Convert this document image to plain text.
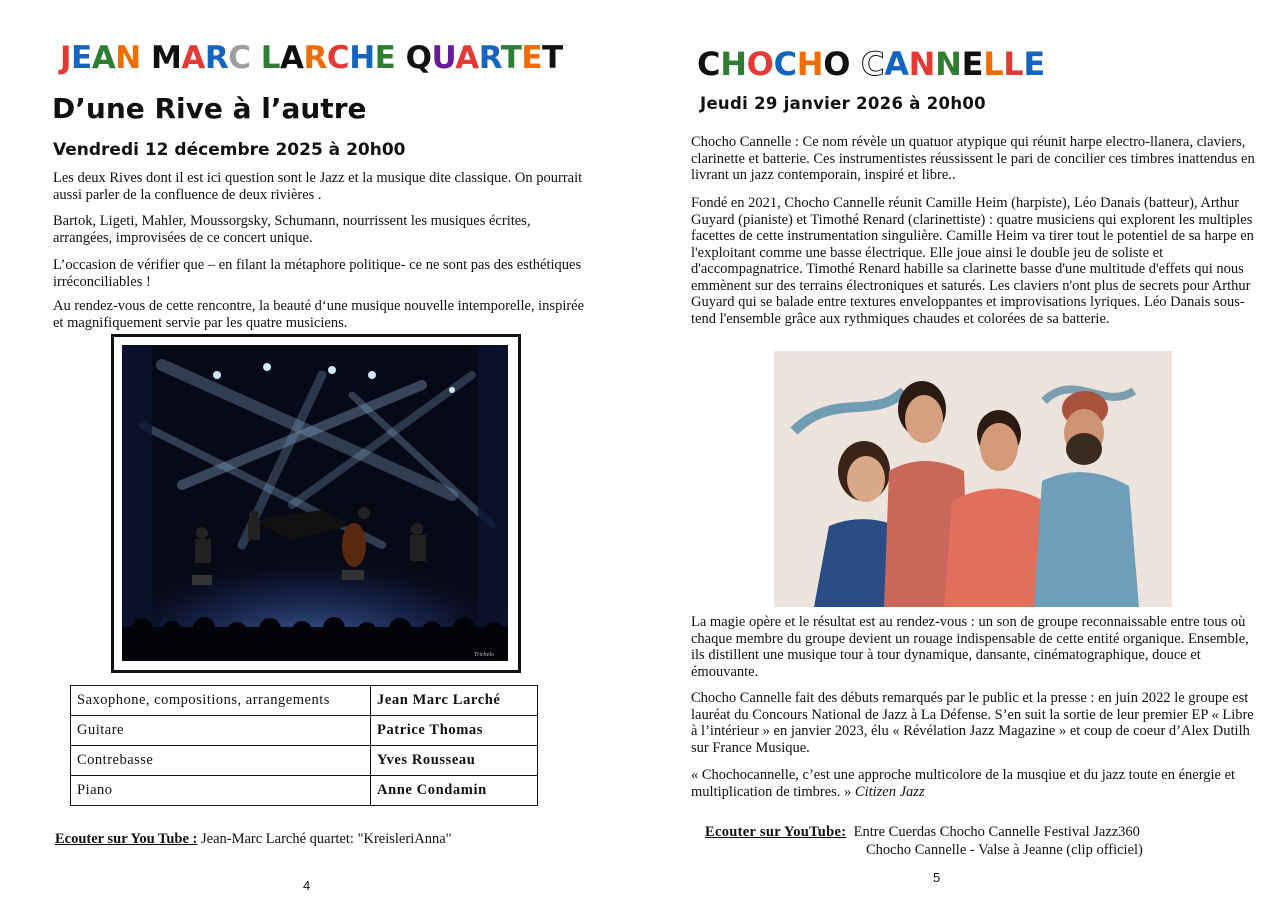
JEAN MARC LARCHE QUARTET
D’une Rive à l’autre
Vendredi 12 décembre 2025 à 20h00

Les deux Rives dont il est ici question sont le Jazz et la musique dite classique. On pourrait aussi parler de la confluence de deux rivières .

Bartok, Ligeti, Mahler, Moussorgsky, Schumann, nourrissent les musiques écrites, arrangées, improvisées de ce concert unique.

L’occasion de vérifier que – en filant la métaphore politique- ce ne sont pas des esthétiques irréconciliables !

Au rendez-vous de cette rencontre, la beauté d‘une musique nouvelle intemporelle, inspirée et magnifiquement servie par les quatre musiciens.

Trichelo
Saxophone, compositions, arrangements	Jean Marc Larché
Guitare	Patrice Thomas
Contrebasse	Yves Rousseau
Piano	Anne Condamin
Ecouter sur You Tube : Jean-Marc Larché quartet: "KreisleriAnna"
4
CHOCHO CANNELLE
Jeudi 29 janvier 2026 à 20h00

Chocho Cannelle : Ce nom révèle un quatuor atypique qui réunit harpe electro-llanera, claviers, clarinette et batterie. Ces instrumentistes réussissent le pari de concilier ces timbres inattendus en livrant un jazz contemporain, inspiré et libre..

Fondé en 2021, Chocho Cannelle réunit Camille Heim (harpiste), Léo Danais (batteur), Arthur Guyard (pianiste) et Timothé Renard (clarinettiste) : quatre musiciens qui explorent les multiples facettes de cette instrumentation singulière. Camille Heim va tirer tout le potentiel de sa harpe en l'exploitant comme une basse électrique. Elle joue ainsi le double jeu de soliste et d'accompagnatrice. Timothé Renard habille sa clarinette basse d'une multitude d'effets qui nous emmènent sur des terrains électroniques et saturés. Les claviers n'ont plus de secrets pour Arthur Guyard qui se balade entre textures enveloppantes et improvisations lyriques. Léo Danais sous-tend l'ensemble grâce aux rythmiques chaudes et colorées de sa batterie.

La magie opère et le résultat est au rendez-vous : un son de groupe reconnaissable entre tous où chaque membre du groupe devient un rouage indispensable de cette entité organique. Ensemble, ils distillent une musique tour à tour dynamique, dansante, cinématographique, douce et émouvante.

Chocho Cannelle fait des débuts remarqués par le public et la presse : en juin 2022 le groupe est lauréat du Concours National de Jazz à La Défense. S’en suit la sortie de leur premier EP « Libre à l’intérieur » en janvier 2023, élu « Révélation Jazz Magazine » et coup de coeur d’Alex Dutilh sur France Musique.

« Chochocannelle, c’est une approche multicolore de la musqiue et du jazz toute en énergie et multiplication de timbres. » Citizen Jazz

Ecouter sur YouTube: Entre Cuerdas Chocho Cannelle Festival Jazz360
Chocho Cannelle - Valse à Jeanne (clip officiel)
5
